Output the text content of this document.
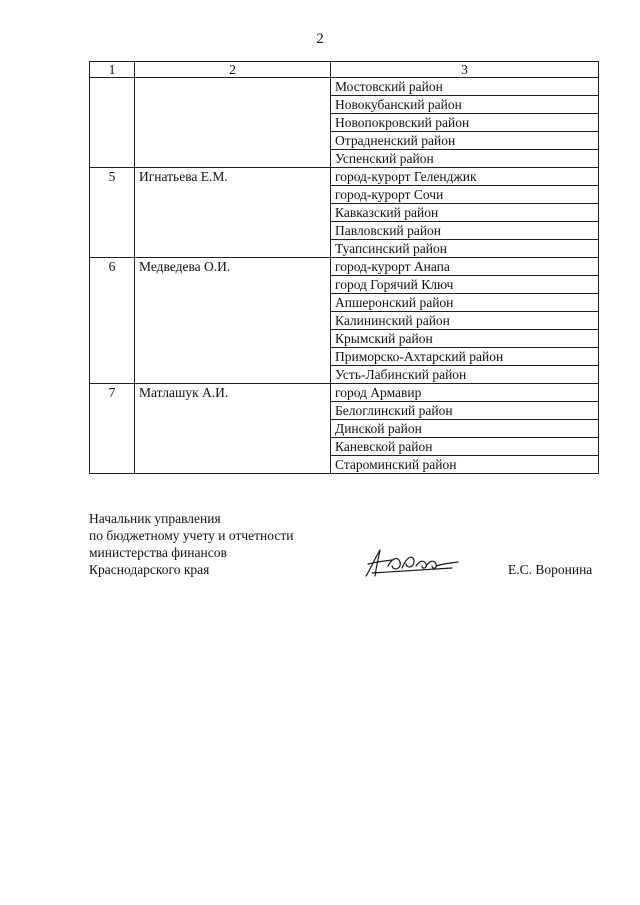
2
1	2	3
		Мостовский район
		Новокубанский район
		Новопокровский район
		Отрадненский район
		Успенский район
5	Игнатьева Е.М.	город-курорт Геленджик
		город-курорт Сочи
		Кавказский район
		Павловский район
		Туапсинский район
6	Медведева О.И.	город-курорт Анапа
		город Горячий Ключ
		Апшеронский район
		Калининский район
		Крымский район
		Приморско-Ахтарский район
		Усть-Лабинский район
7	Матлашук А.И.	город Армавир
		Белоглинский район
		Динской район
		Каневской район
		Староминский район
Начальник управления
по бюджетному учету и отчетности
министерства финансов
Краснодарского края	Е.С. Воронина
